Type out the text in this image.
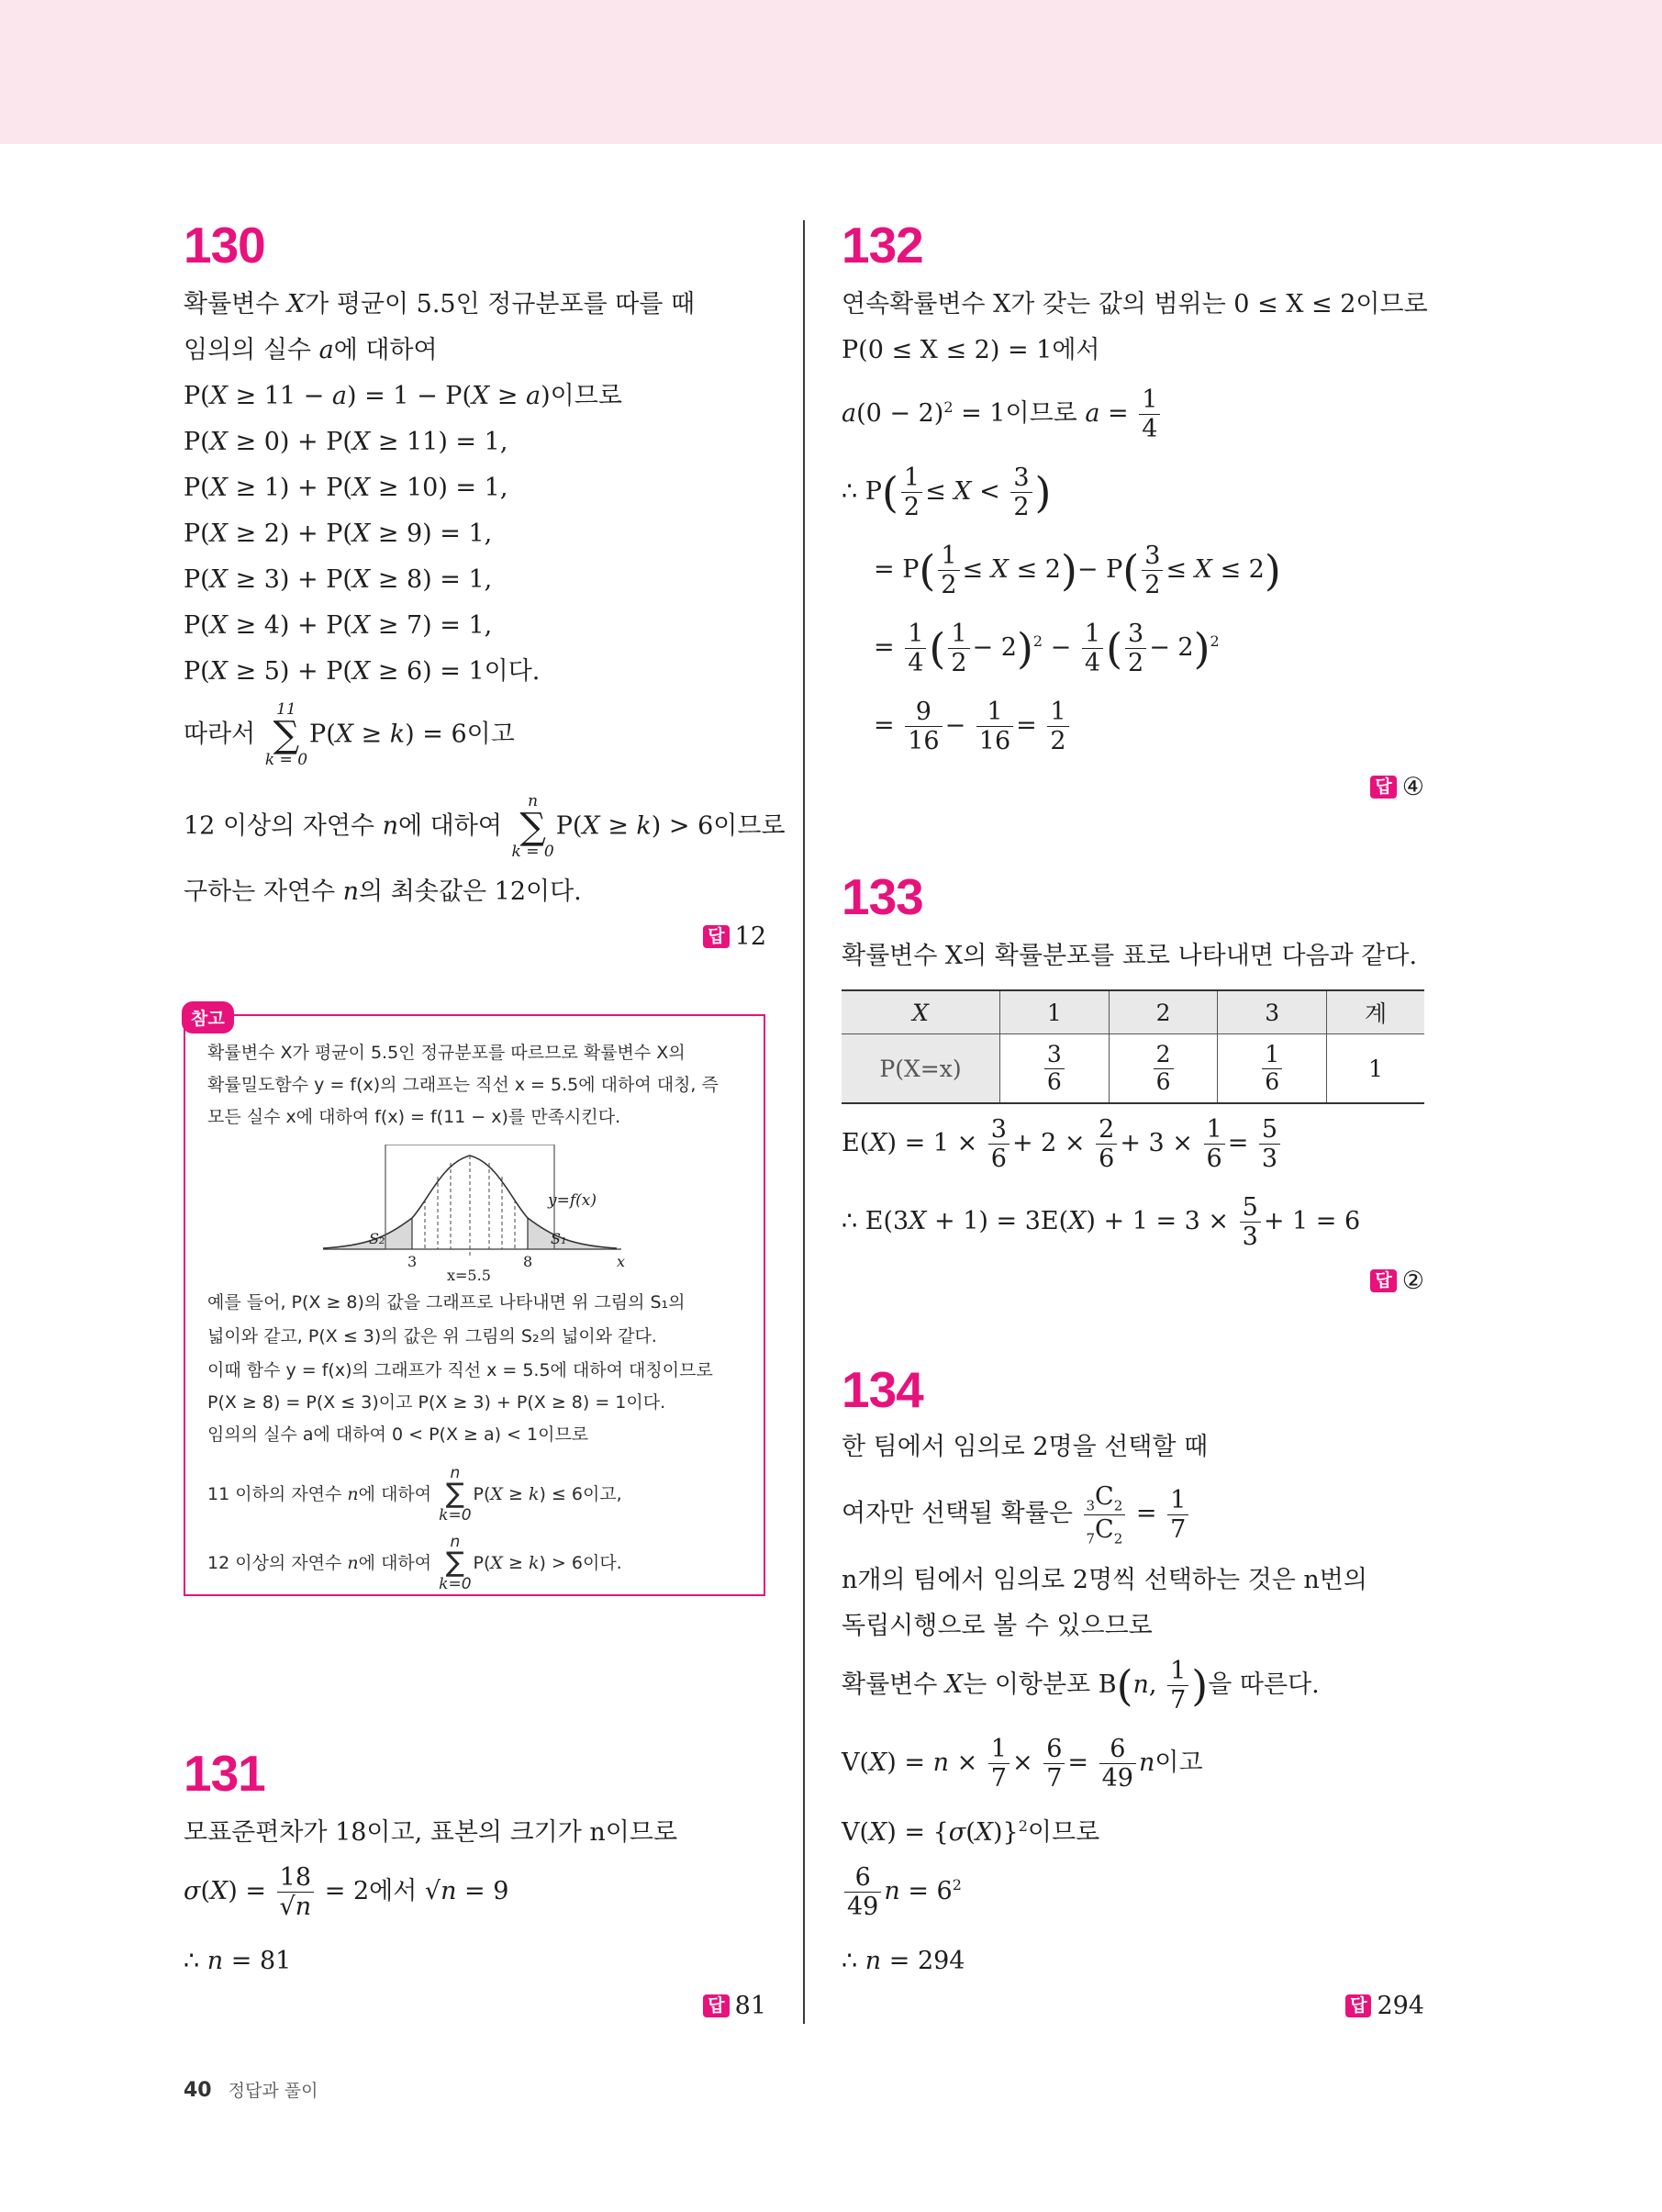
130
확률변수 X가 평균이 5.5인 정규분포를 따를 때
임의의 실수 a에 대하여
P(X ≥ 11 − a) = 1 − P(X ≥ a)이므로
P(X ≥ 0) + P(X ≥ 11) = 1,
P(X ≥ 1) + P(X ≥ 10) = 1,
P(X ≥ 2) + P(X ≥ 9) = 1,
P(X ≥ 3) + P(X ≥ 8) = 1,
P(X ≥ 4) + P(X ≥ 7) = 1,
P(X ≥ 5) + P(X ≥ 6) = 1이다.
따라서
11
∑
k = 0
P(X ≥ k) = 6이고
12 이상의 자연수 n에 대하여
n
∑
k = 0
P(X ≥ k) > 6이므로
구하는 자연수 n의 최솟값은 12이다.
답 12
참고
확률변수 X가 평균이 5.5인 정규분포를 따르므로 확률변수 X의
확률밀도함수 y = f(x)의 그래프는 직선 x = 5.5에 대하여 대칭, 즉
모든 실수 x에 대하여 f(x) = f(11 − x)를 만족시킨다.
y=f(x)
S₂	S₁
3	8	x
x=5.5
예를 들어, P(X ≥ 8)의 값을 그래프로 나타내면 위 그림의 S₁의
넓이와 같고, P(X ≤ 3)의 값은 위 그림의 S₂의 넓이와 같다.
이때 함수 y = f(x)의 그래프가 직선 x = 5.5에 대하여 대칭이므로
P(X ≥ 8) = P(X ≤ 3)이고 P(X ≥ 3) + P(X ≥ 8) = 1이다.
임의의 실수 a에 대하여 0 < P(X ≥ a) < 1이므로
11 이하의 자연수 n에 대하여
n
∑
k=0
P(X ≥ k) ≤ 6이고,
12 이상의 자연수 n에 대하여
n
∑
k=0
P(X ≥ k) > 6이다.
131
모표준편차가 18이고, 표본의 크기가 n이므로
$\sigma(X) = \frac{18}{√n} = 2$에서 √n = 9
∴ n = 81
답 81
132
연속확률변수 X가 갖는 값의 범위는 0 ≤ X ≤ 2이므로
P(0 ≤ X ≤ 2) = 1에서
$a(0 - 2)^2 = 1$이므로 $a = \frac{1}{4}$
∴ $P( \frac{1}{2} \le X < \frac{3}{2}$ )
= $P( \frac{1}{2} \le X \le 2)- P( \frac{3}{2} \le X \le 2)$
= $\frac{1}{4}$ ( $\frac{1}{2} - 2)^2 - \frac{1}{4}$ ( $\frac{3}{2} - 2)^2$
= $\frac{9}{16} - \frac{1}{16} = \frac{1}{2}$
답 ④
133
확률변수 X의 확률분포를 표로 나타내면 다음과 같다.
X	1	2	3	계
P(X=x)	$\frac{3}{6}$	$\frac{2}{6}$	$\frac{1}{6}$	1
$E(X) = 1 \times \frac{3}{6} + 2 \times \frac{2}{6} + 3 \times \frac{1}{6} = \frac{5}{3}$
∴ $E(3X + 1) = 3E(X) + 1 = 3 \times \frac{5}{3} + 1 = 6$
답 ②
134
한 팀에서 임의로 2명을 선택할 때
여자만 선택될 확률은 $\frac{_3C_2}{_7C_2} = \frac{1}{7}$
n개의 팀에서 임의로 2명씩 선택하는 것은 n번의
독립시행으로 볼 수 있으므로
확률변수 X는 이항분포 B(n, $\frac{1}{7}$ )을 따른다.
$V(X) = n \times \frac{1}{7} \times \frac{6}{7} = \frac{6}{49}$ n이고
$V(X) = \{\sigma(X)\}^2$이므로
$\frac{6}{49}$ $n = 6^2$
∴ n = 294
답 294
40 정답과 풀이
